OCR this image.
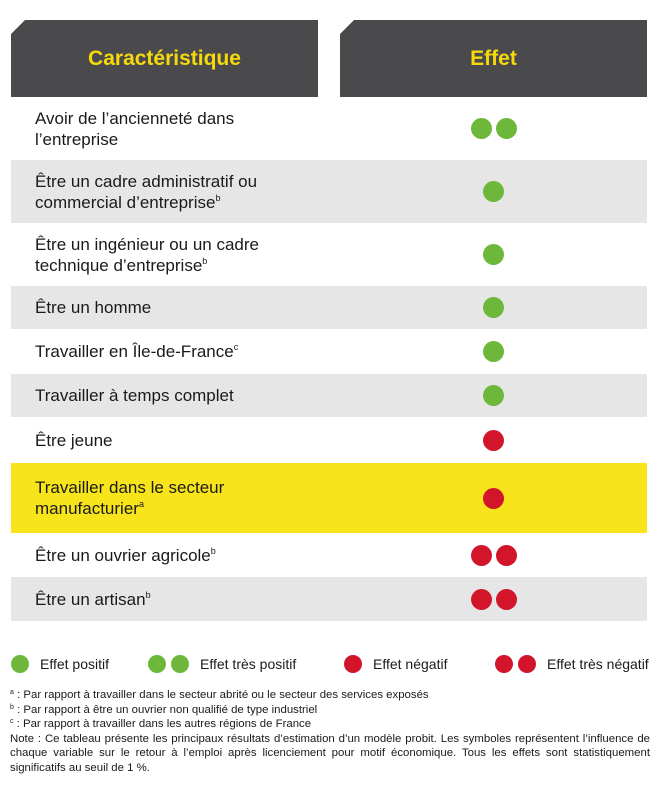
Caractéristique	Effet
Avoir de l’ancienneté dans
l’entreprise
Être un cadre administratif ou
commercial d’entreprise$^b$
Être un ingénieur ou un cadre
technique d’entreprise$^b$
Être un homme
Travailler en Île-de-France$^c$
Travailler à temps complet
Être jeune
Travailler dans le secteur
manufacturier$^a$
Être un ouvrier agricole$^b$
Être un artisan$^b$
Effet positif	Effet très positif	Effet négatif	Effet très négatif

$^a$ : Par rapport à travailler dans le secteur abrité ou le secteur des services exposés

$^b$ : Par rapport à être un ouvrier non qualifié de type industriel

$^c$ : Par rapport à travailler dans les autres régions de France

Note : Ce tableau présente les principaux résultats d’estimation d’un modèle probit. Les symboles représentent l’influence de chaque variable sur le retour à l’emploi après licenciement pour motif économique. Tous les effets sont statistiquement significatifs au seuil de 1 %.
